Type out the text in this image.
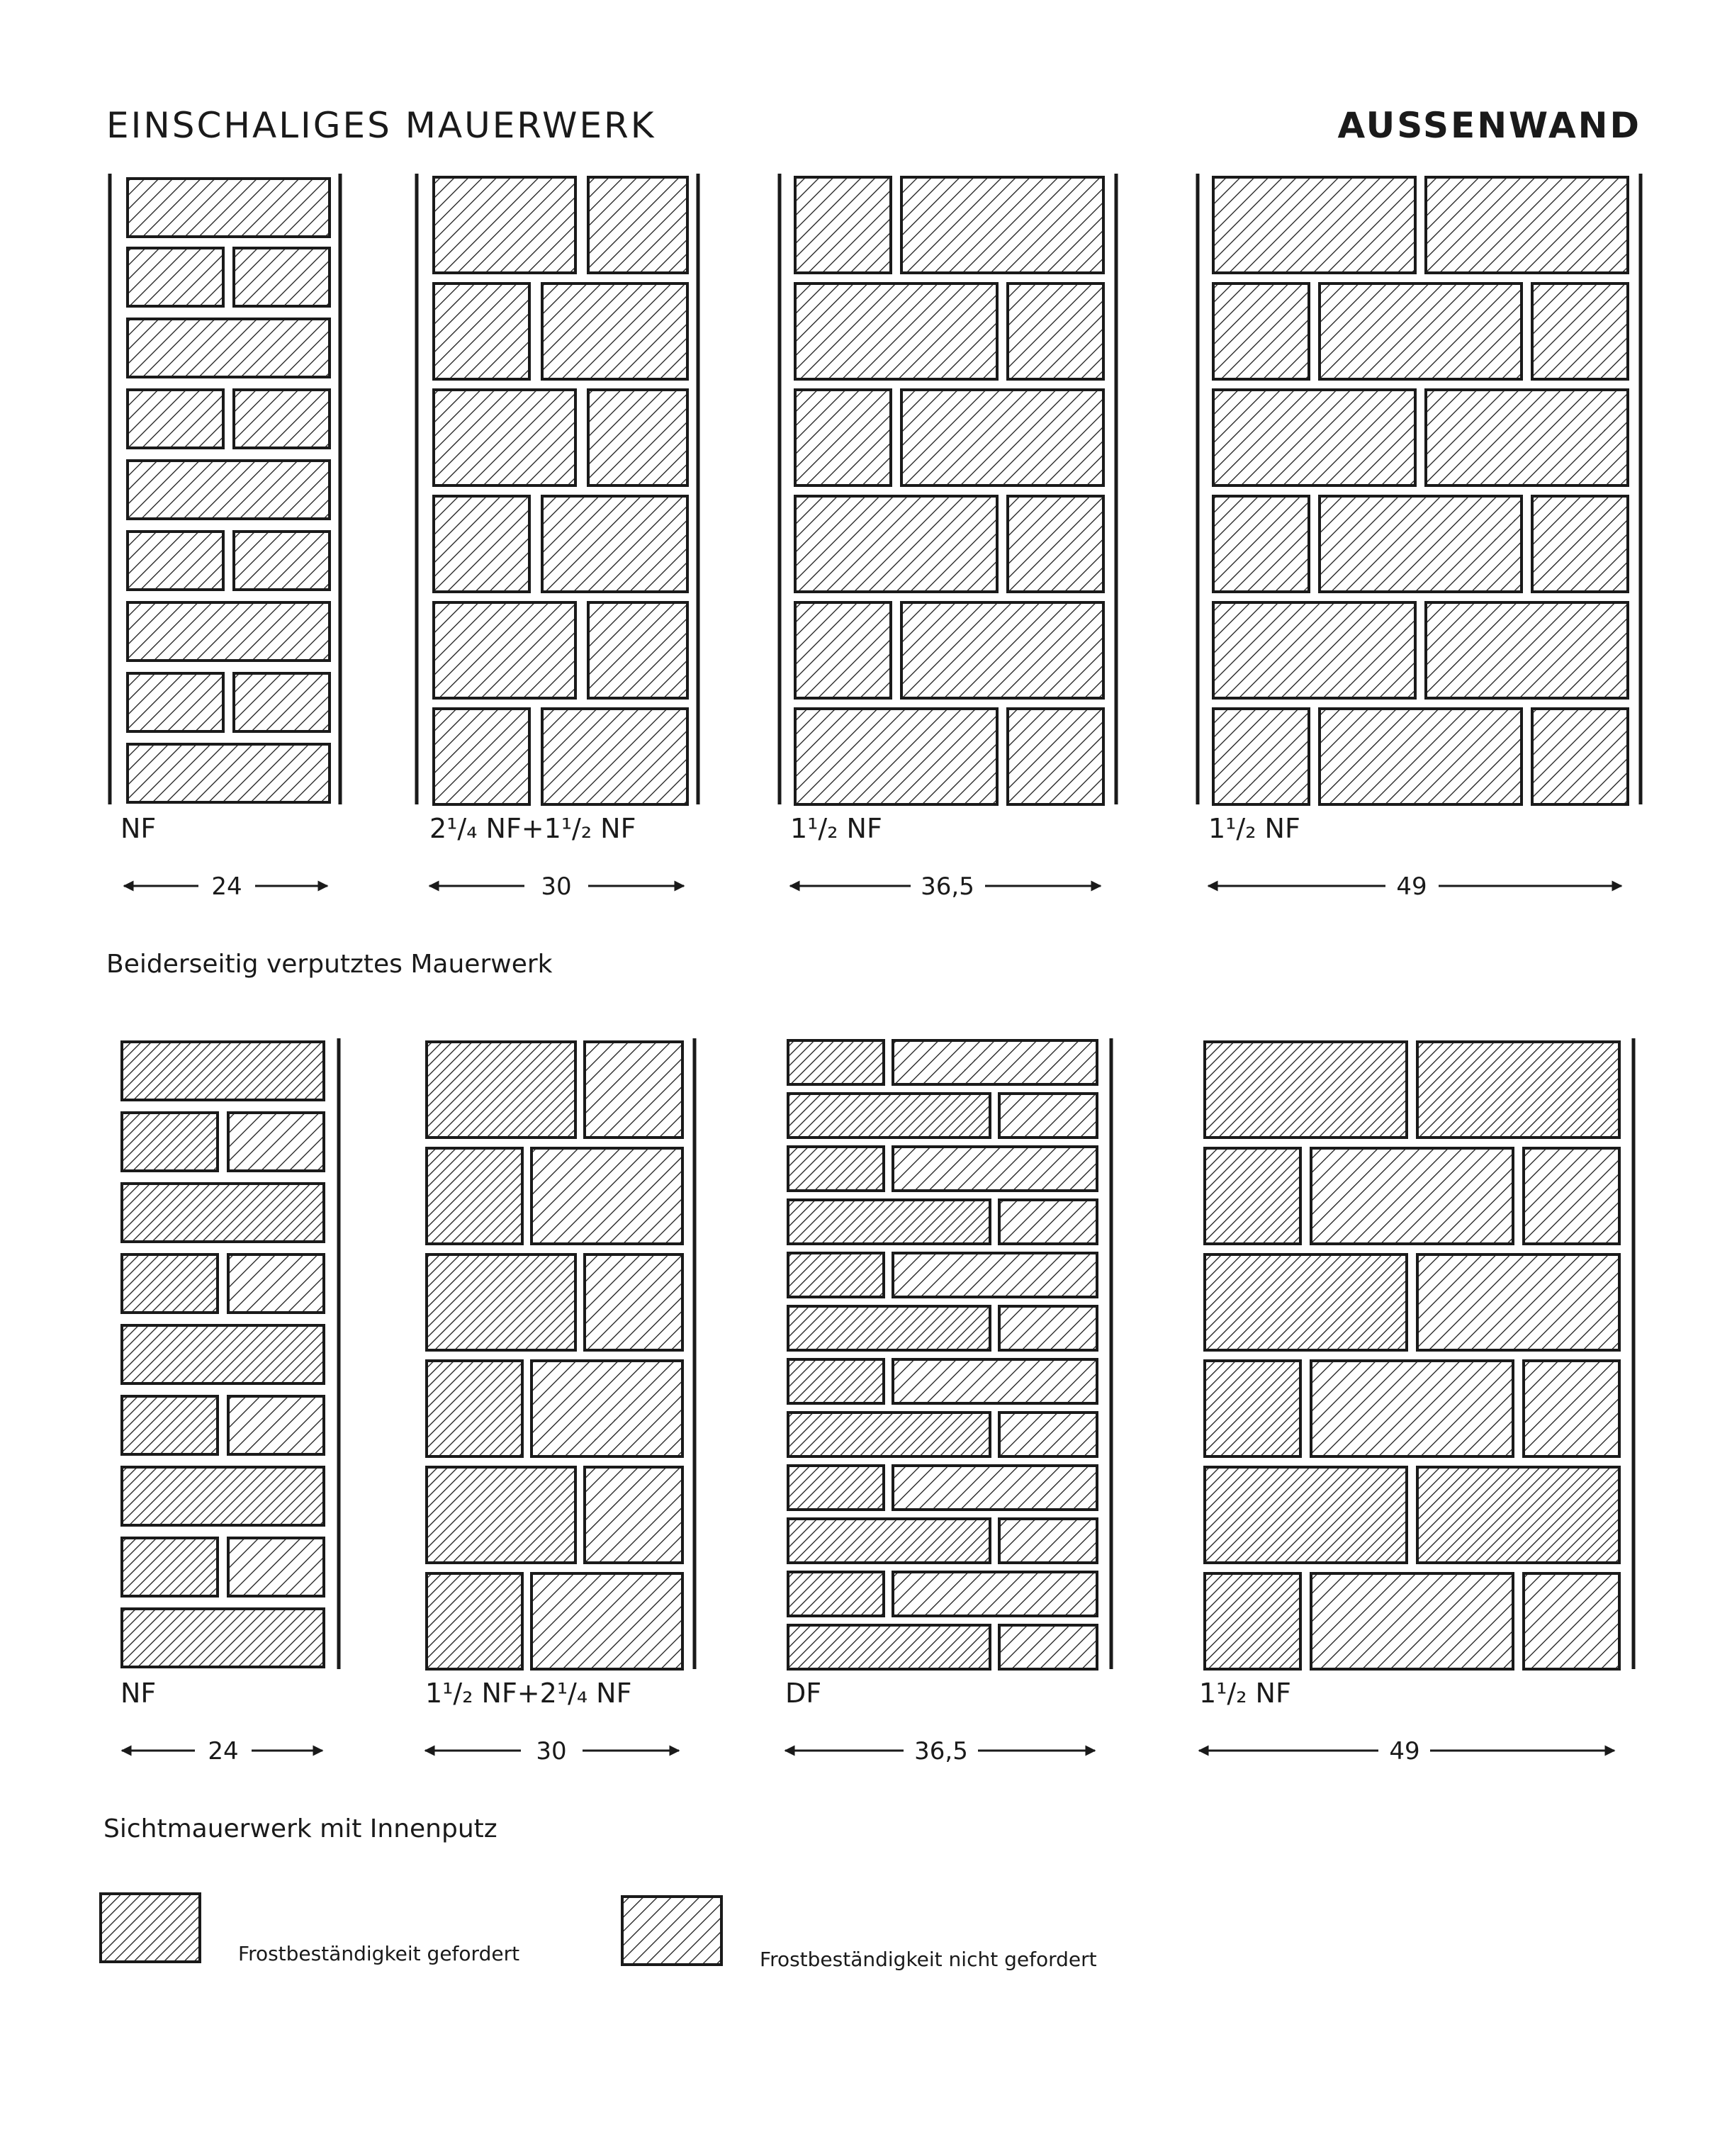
EINSCHALIGES MAUERWERK	AUSSENWAND
Beiderseitig verputztes Mauerwerk
Sichtmauerwerk mit Innenputz
NF	2¹/₄ NF+1¹/₂ NF	1¹/₂ NF	1¹/₂ NF
24	30	36,5	49
NF	1¹/₂ NF+2¹/₄ NF	DF	1¹/₂ NF
24	30	36,5	49
Frostbeständigkeit gefordert	Frostbeständigkeit nicht gefordert
